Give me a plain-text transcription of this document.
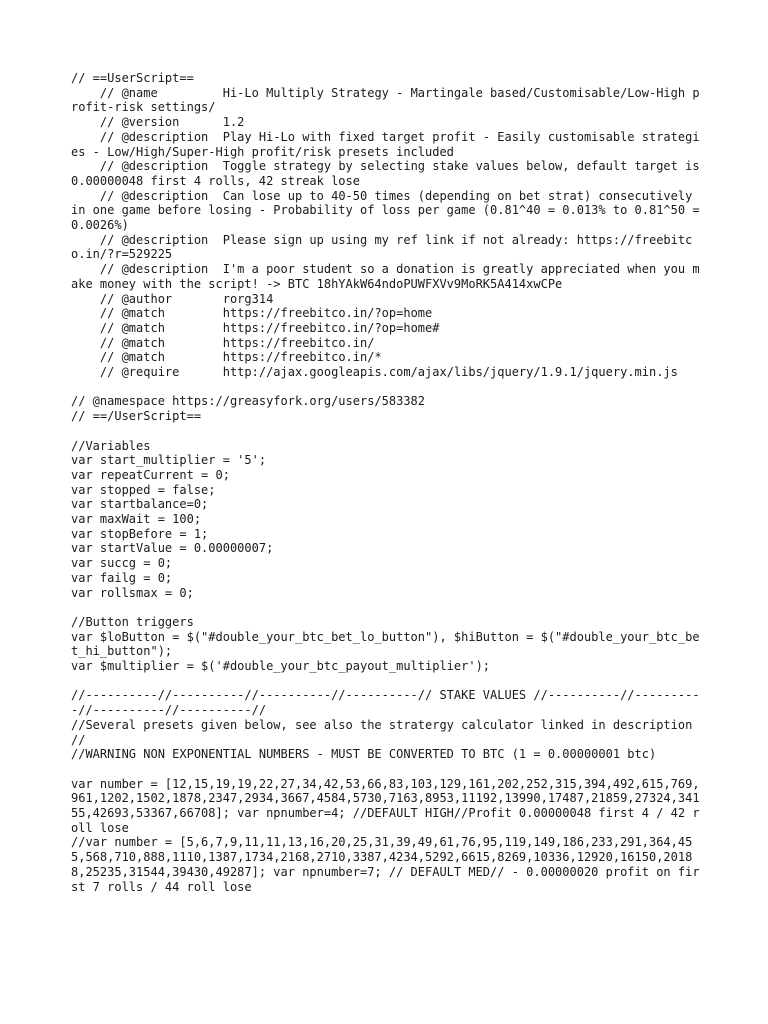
// ==UserScript==
// @name         Hi-Lo Multiply Strategy - Martingale based/Customisable/Low-High profit-risk settings/
// @version      1.2
// @description  Play Hi-Lo with fixed target profit - Easily customisable strategies - Low/High/Super-High profit/risk presets included
// @description  Toggle strategy by selecting stake values below, default target is 0.00000048 first 4 rolls, 42 streak lose
// @description  Can lose up to 40-50 times (depending on bet strat) consecutively in one game before losing - Probability of loss per game (0.81^40 = 0.013% to 0.81^50 = 0.0026%)
// @description  Please sign up using my ref link if not already: https://freebitco.in/?r=529225
// @description  I'm a poor student so a donation is greatly appreciated when you make money with the script! -> BTC 18hYAkW64ndoPUWFXVv9MoRK5A414xwCPe
// @author       rorg314
// @match        https://freebitco.in/?op=home
// @match        https://freebitco.in/?op=home#
// @match        https://freebitco.in/
// @match        https://freebitco.in/*
// @require      http://ajax.googleapis.com/ajax/libs/jquery/1.9.1/jquery.min.js
// @namespace https://greasyfork.org/users/583382
// ==/UserScript==
//Variables
var start_multiplier = '5';
var repeatCurrent = 0;
var stopped = false;
var startbalance=0;
var maxWait = 100;
var stopBefore = 1;
var startValue = 0.00000007;
var succg = 0;
var failg = 0;
var rollsmax = 0;
//Button triggers
var $loButton = $("#double_your_btc_bet_lo_button"), $hiButton = $("#double_your_btc_bet_hi_button");
var $multiplier = $('#double_your_btc_payout_multiplier');
//----------//----------//----------//----------// STAKE VALUES //----------//----------//----------//----------//
//Several presets given below, see also the stratergy calculator linked in description //
//WARNING NON EXPONENTIAL NUMBERS - MUST BE CONVERTED TO BTC (1 = 0.00000001 btc)
var number = [12,15,19,19,22,27,34,42,53,66,83,103,129,161,202,252,315,394,492,615,769,961,1202,1502,1878,2347,2934,3667,4584,5730,7163,8953,11192,13990,17487,21859,27324,34155,42693,53367,66708]; var npnumber=4; //DEFAULT HIGH//Profit 0.00000048 first 4 / 42 roll lose
//var number = [5,6,7,9,11,11,13,16,20,25,31,39,49,61,76,95,119,149,186,233,291,364,455,568,710,888,1110,1387,1734,2168,2710,3387,4234,5292,6615,8269,10336,12920,16150,20188,25235,31544,39430,49287]; var npnumber=7; // DEFAULT MED// - 0.00000020 profit on first 7 rolls / 44 roll lose
